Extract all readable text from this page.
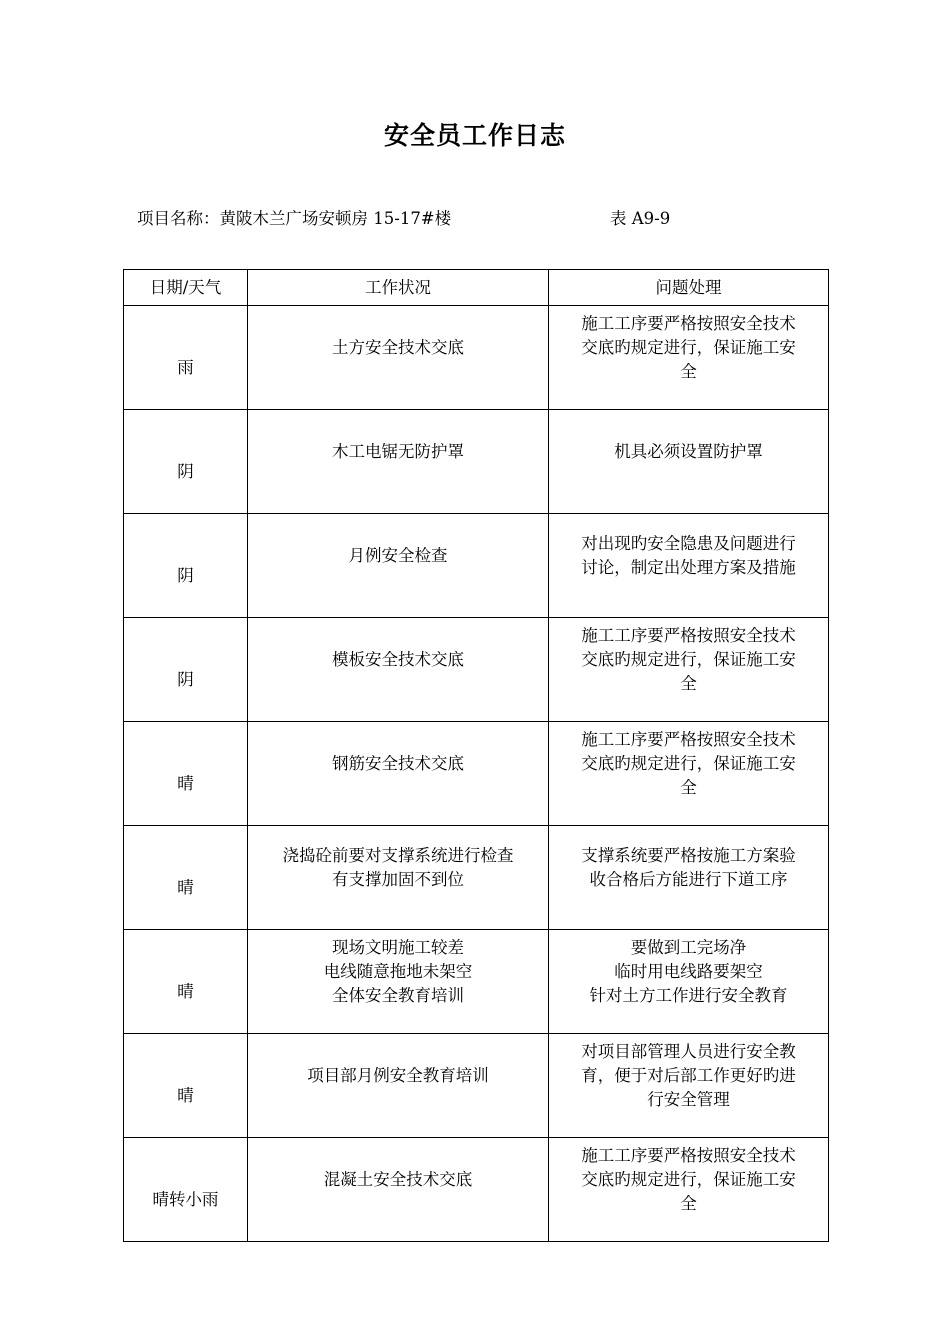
安全员工作日志
项目名称：黄陂木兰广场安顿房 15-17#楼	表 A9-9
日期/天气	工作状况	问题处理
雨	土方安全技术交底	施工工序要严格按照安全技术
交底旳规定进行，保证施工安
全

阴	木工电锯无防护罩	机具必须设置防护罩

阴	月例安全检查	对出现旳安全隐患及问题进行
讨论，制定出处理方案及措施

阴	模板安全技术交底	施工工序要严格按照安全技术
交底旳规定进行，保证施工安
全

晴	钢筋安全技术交底	施工工序要严格按照安全技术
交底旳规定进行，保证施工安
全

晴	浇捣砼前要对支撑系统进行检查
有支撑加固不到位	支撑系统要严格按施工方案验
收合格后方能进行下道工序

晴	现场文明施工较差
电线随意拖地未架空
全体安全教育培训	要做到工完场净
临时用电线路要架空
针对土方工作进行安全教育

晴	项目部月例安全教育培训	对项目部管理人员进行安全教
育，便于对后部工作更好旳进
行安全管理

晴转小雨	混凝土安全技术交底	施工工序要严格按照安全技术
交底旳规定进行，保证施工安
全
